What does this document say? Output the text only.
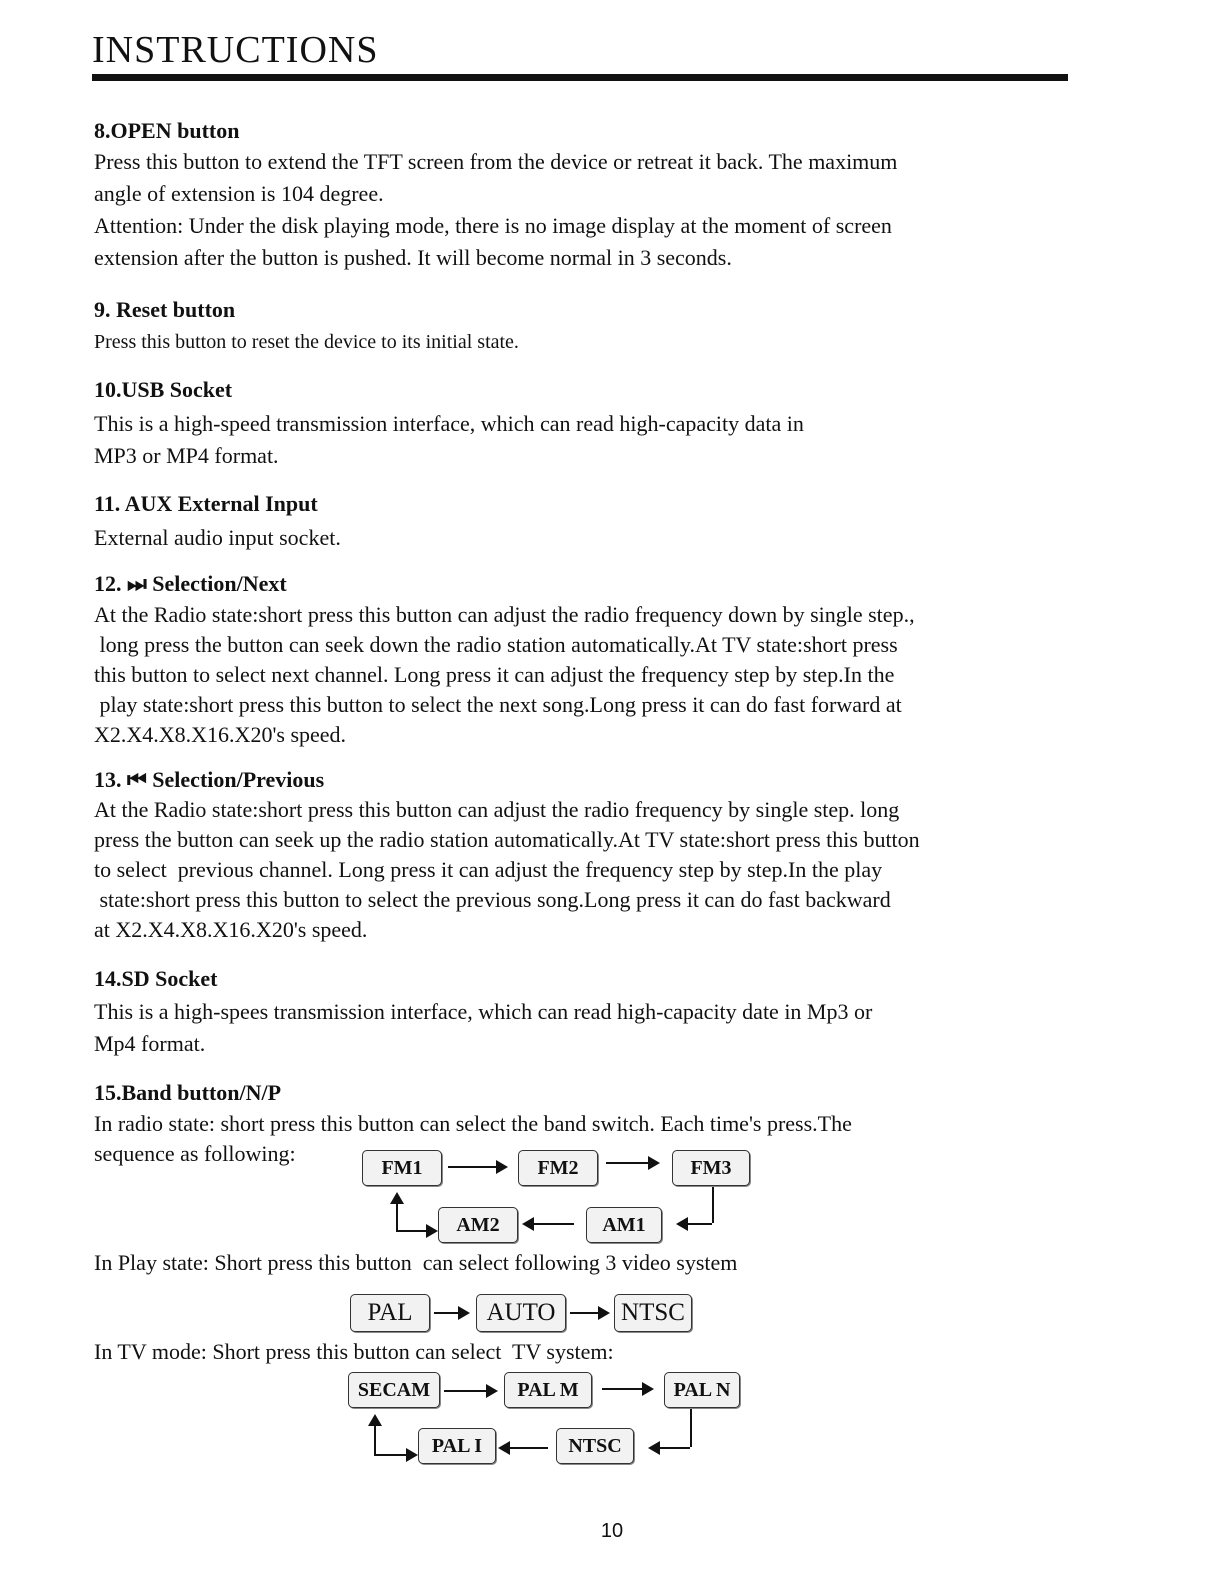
INSTRUCTIONS
8.OPEN button
Press this button to extend the TFT screen from the device or retreat it back. The maximum
angle of extension is 104 degree.
Attention: Under the disk playing mode, there is no image display at the moment of screen
extension after the button is pushed. It will become normal in 3 seconds.
9. Reset button
Press this button to reset the device to its initial state.
10.USB Socket
This is a high-speed transmission interface, which can read high-capacity data in
MP3 or MP4 format.
11. AUX External Input
External audio input socket.
12. ⏭ Selection/Next
At the Radio state:short press this button can adjust the radio frequency down by single step.,
long press the button can seek down the radio station automatically.At TV state:short press
this button to select next channel. Long press it can adjust the frequency step by step.In the
play state:short press this button to select the next song.Long press it can do fast forward at
X2.X4.X8.X16.X20's speed.
13. ⏮ Selection/Previous
At the Radio state:short press this button can adjust the radio frequency by single step. long
press the button can seek up the radio station automatically.At TV state:short press this button
to select  previous channel. Long press it can adjust the frequency step by step.In the play
state:short press this button to select the previous song.Long press it can do fast backward
at X2.X4.X8.X16.X20's speed.
14.SD Socket
This is a high-spees transmission interface, which can read high-capacity date in Mp3 or
Mp4 format.
15.Band button/N/P
In radio state: short press this button can select the band switch. Each time's press.The
sequence as following:
FM1	FM2	FM3
AM1
AM2
In Play state: Short press this button  can select following 3 video system
PAL	AUTO	NTSC
In TV mode: Short press this button can select  TV system:
SECAM	PAL M	PAL N
NTSC
PAL I
10
